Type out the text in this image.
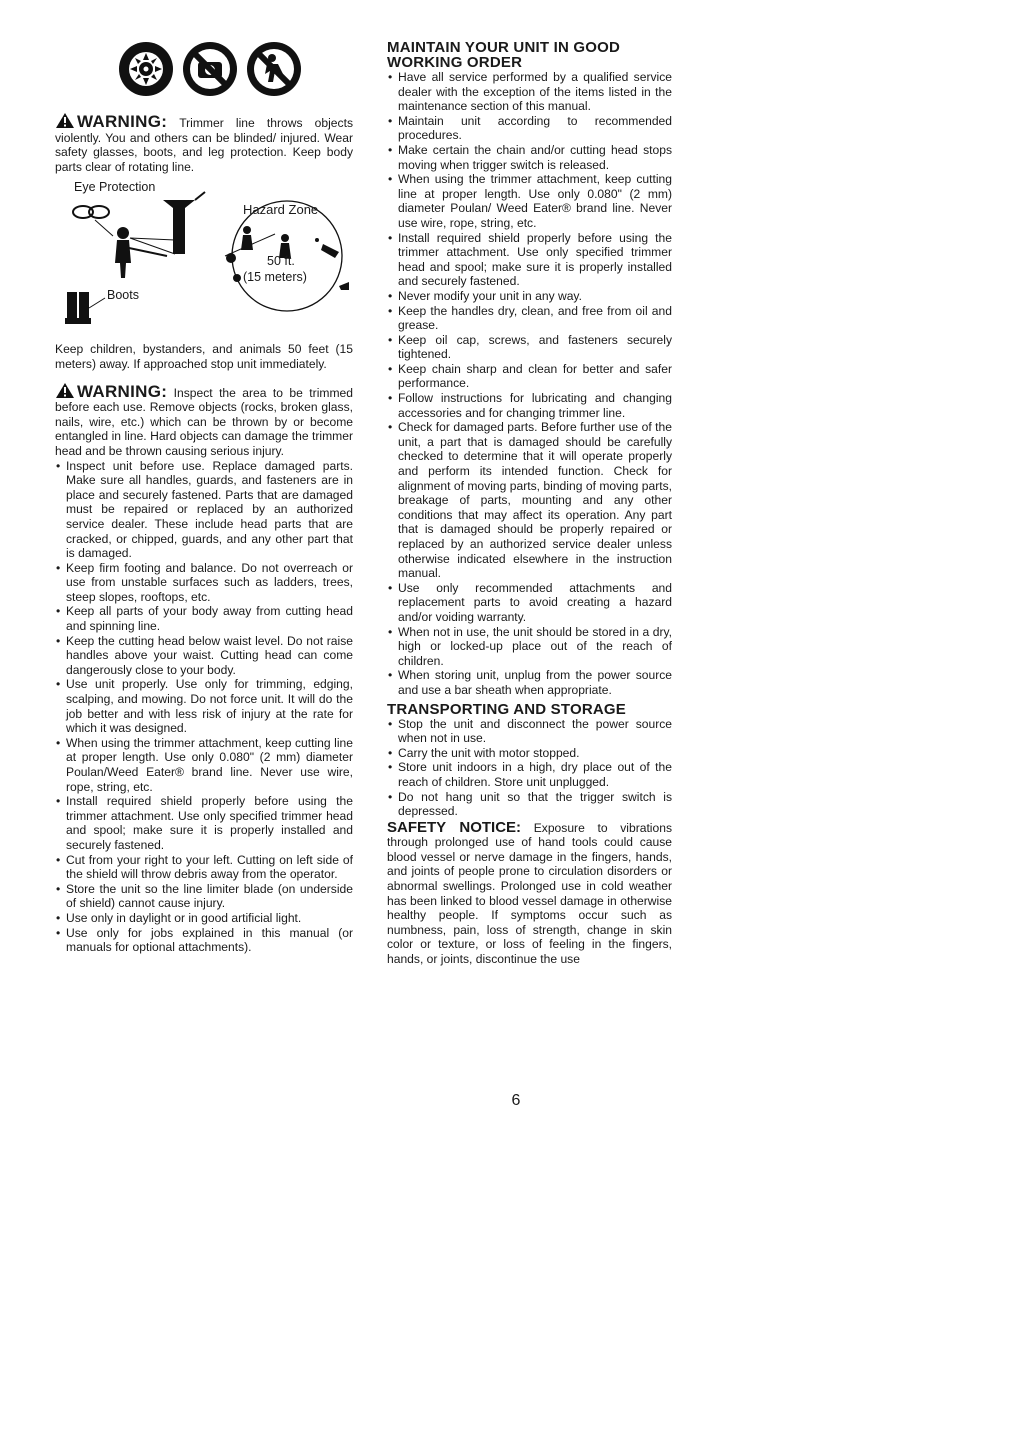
WARNING: Trimmer line throws objects violently. You and others can be blinded/ injured. Wear safety glasses, boots, and leg protection. Keep body parts clear of rotating line.

Eye Protection
Hazard Zone
50 ft.
(15 meters)
Boots

Keep children, bystanders, and animals 50 feet (15 meters) away. If approached stop unit immediately.

WARNING: Inspect the area to be trimmed before each use. Remove objects (rocks, broken glass, nails, wire, etc.) which can be thrown by or become entangled in line. Hard objects can damage the trimmer head and be thrown causing serious injury.

• Inspect unit before use. Replace damaged parts. Make sure all handles, guards, and fasteners are in place and securely fastened. Parts that are damaged must be repaired or replaced by an authorized service dealer. These include head parts that are cracked, or chipped, guards, and any other part that is damaged.
• Keep firm footing and balance. Do not overreach or use from unstable surfaces such as ladders, trees, steep slopes, rooftops, etc.
• Keep all parts of your body away from cutting head and spinning line.
• Keep the cutting head below waist level. Do not raise handles above your waist. Cutting head can come dangerously close to your body.
• Use unit properly. Use only for trimming, edging, scalping, and mowing. Do not force unit. It will do the job better and with less risk of injury at the rate for which it was designed.
• When using the trimmer attachment, keep cutting line at proper length. Use only 0.080" (2 mm) diameter Poulan/Weed Eater® brand line. Never use wire, rope, string, etc.
• Install required shield properly before using the trimmer attachment. Use only specified trimmer head and spool; make sure it is properly installed and securely fastened.
• Cut from your right to your left. Cutting on left side of the shield will throw debris away from the operator.
• Store the unit so the line limiter blade (on underside of shield) cannot cause injury.
• Use only in daylight or in good artificial light.
• Use only for jobs explained in this manual (or manuals for optional attachments).
MAINTAIN YOUR UNIT IN GOOD WORKING ORDER
• Have all service performed by a qualified service dealer with the exception of the items listed in the maintenance section of this manual.
• Maintain unit according to recommended procedures.
• Make certain the chain and/or cutting head stops moving when trigger switch is released.
• When using the trimmer attachment, keep cutting line at proper length. Use only 0.080" (2 mm) diameter Poulan/ Weed Eater® brand line. Never use wire, rope, string, etc.
• Install required shield properly before using the trimmer attachment. Use only specified trimmer head and spool; make sure it is properly installed and securely fastened.
• Never modify your unit in any way.
• Keep the handles dry, clean, and free from oil and grease.
• Keep oil cap, screws, and fasteners securely tightened.
• Keep chain sharp and clean for better and safer performance.
• Follow instructions for lubricating and changing accessories and for changing trimmer line.
• Check for damaged parts. Before further use of the unit, a part that is damaged should be carefully checked to determine that it will operate properly and perform its intended function. Check for alignment of moving parts, binding of moving parts, breakage of parts, mounting and any other conditions that may affect its operation. Any part that is damaged should be properly repaired or replaced by an authorized service dealer unless otherwise indicated elsewhere in the instruction manual.
• Use only recommended attachments and replacement parts to avoid creating a hazard and/or voiding warranty.
• When not in use, the unit should be stored in a dry, high or locked-up place out of the reach of children.
• When storing unit, unplug from the power source and use a bar sheath when appropriate.
TRANSPORTING AND STORAGE
• Stop the unit and disconnect the power source when not in use.
• Carry the unit with motor stopped.
• Store unit indoors in a high, dry place out of the reach of children. Store unit unplugged.
• Do not hang unit so that the trigger switch is depressed.

SAFETY NOTICE: Exposure to vibrations through prolonged use of hand tools could cause blood vessel or nerve damage in the fingers, hands, and joints of people prone to circulation disorders or abnormal swellings. Prolonged use in cold weather has been linked to blood vessel damage in otherwise healthy people. If symptoms occur such as numbness, pain, loss of strength, change in skin color or texture, or loss of feeling in the fingers, hands, or joints, discontinue the use

6
